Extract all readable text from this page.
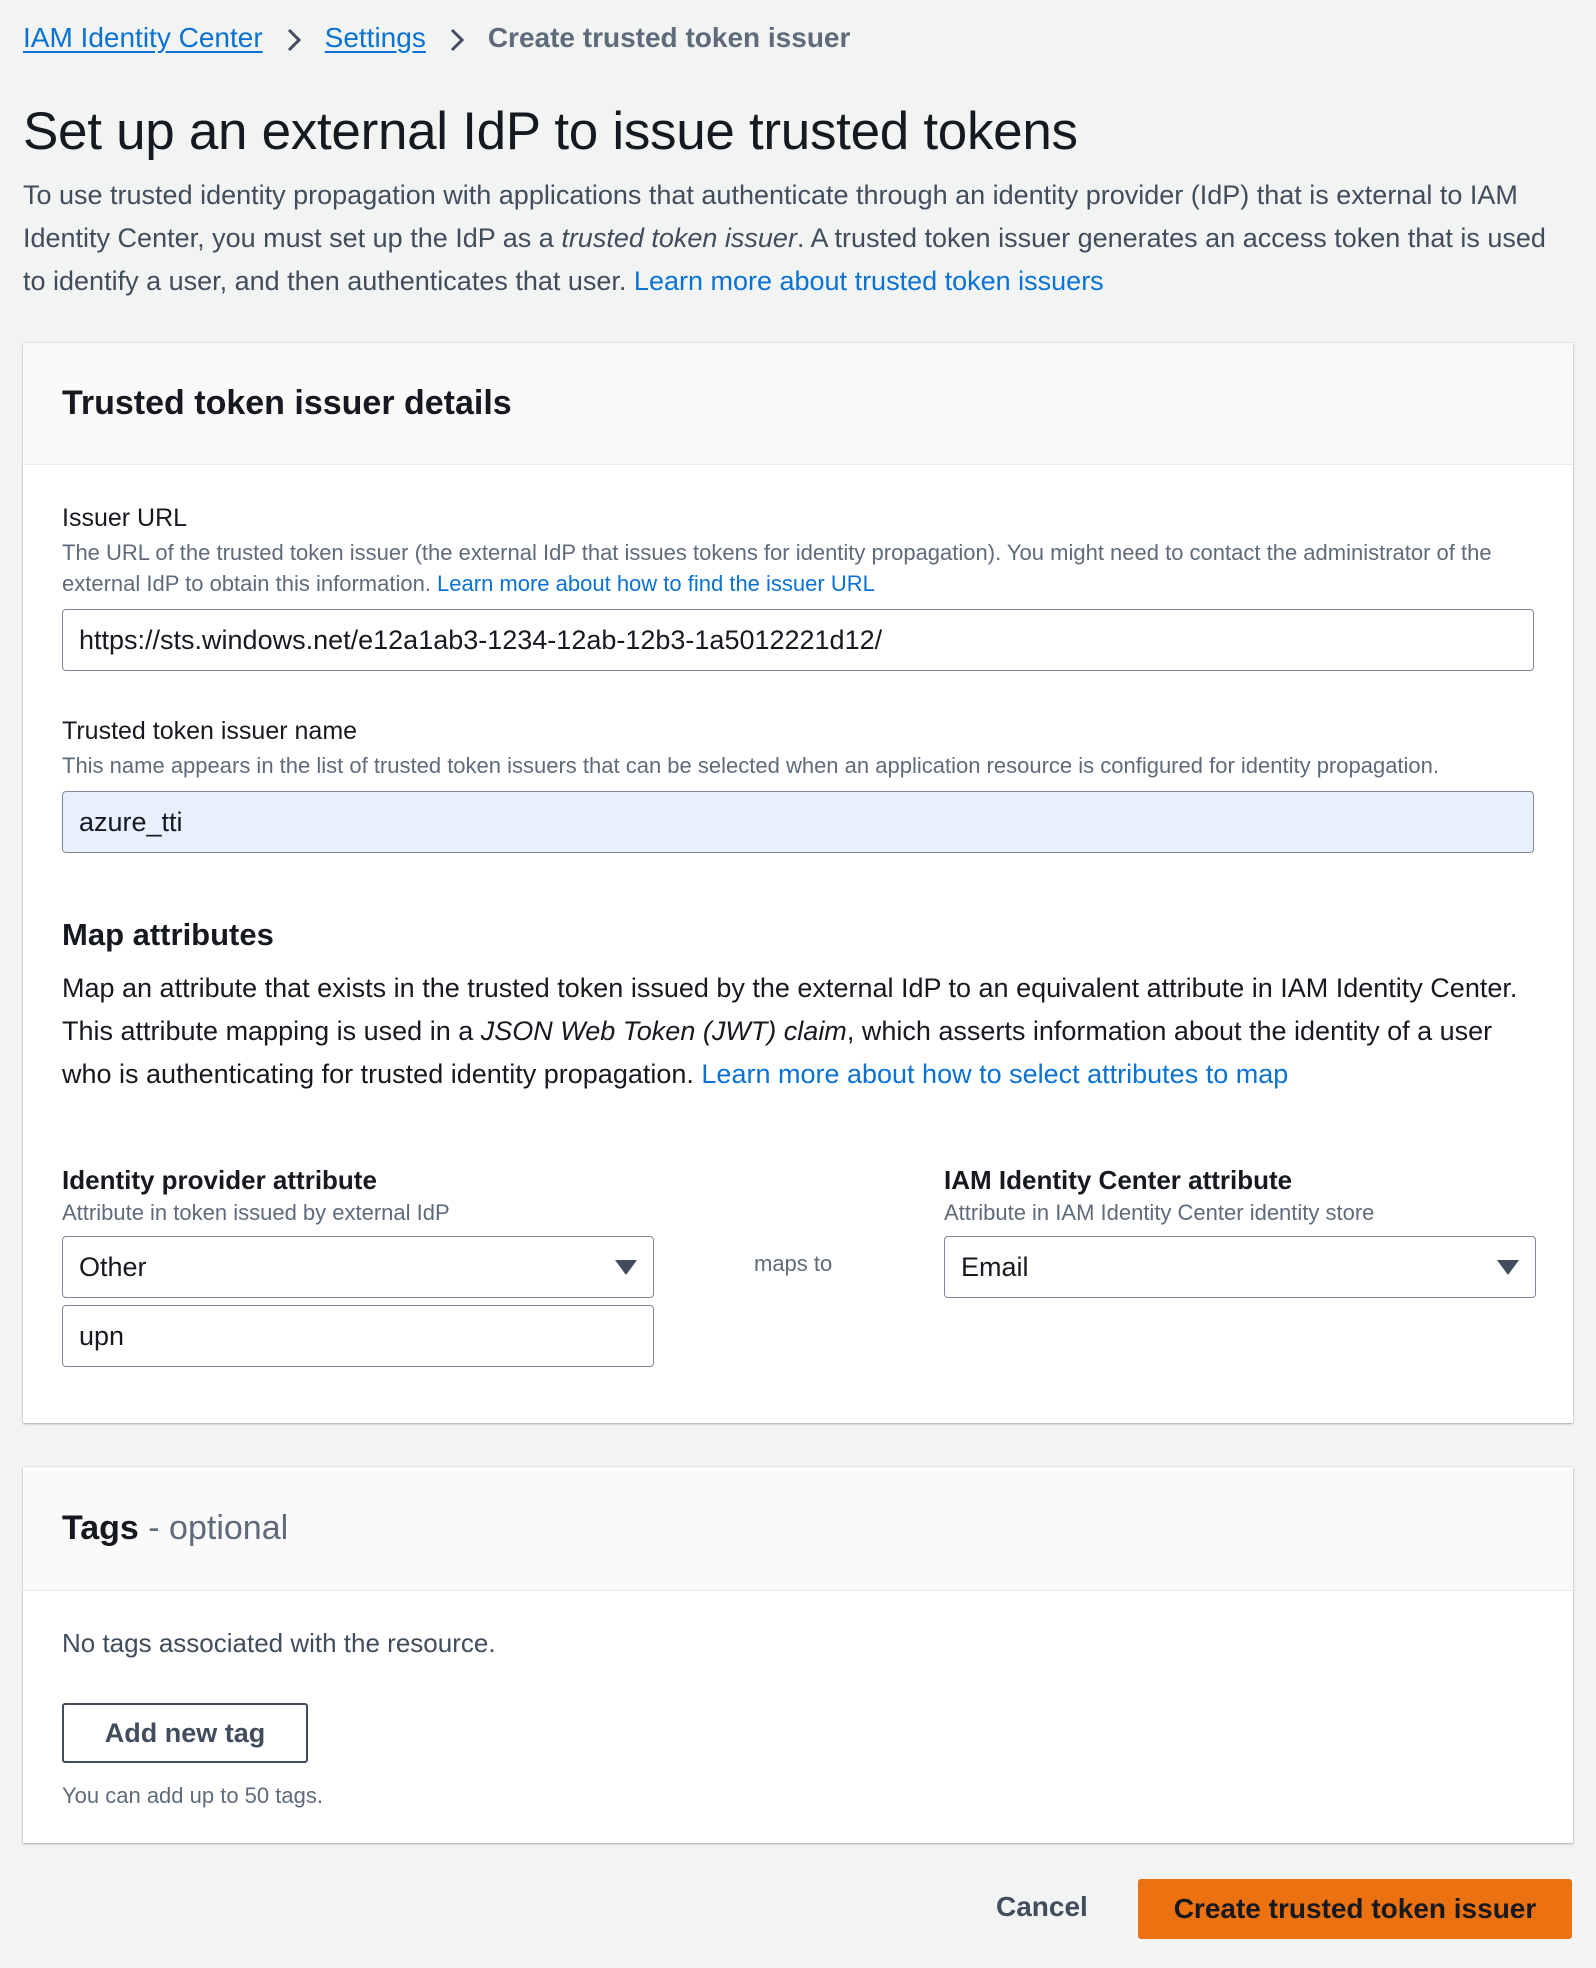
IAM Identity Center Settings Create trusted token issuer
Set up an external IdP to issue trusted tokens

To use trusted identity propagation with applications that authenticate through an identity provider (IdP) that is external to IAM Identity Center, you must set up the IdP as a trusted token issuer. A trusted token issuer generates an access token that is used to identify a user, and then authenticates that user. Learn more about trusted token issuers

Trusted token issuer details
Issuer URL
The URL of the trusted token issuer (the external IdP that issues tokens for identity propagation). You might need to contact the administrator of the external IdP to obtain this information. Learn more about how to find the issuer URL
https://sts.windows.net/e12a1ab3-1234-12ab-12b3-1a5012221d12/
Trusted token issuer name
This name appears in the list of trusted token issuers that can be selected when an application resource is configured for identity propagation.
azure_tti
Map attributes

Map an attribute that exists in the trusted token issued by the external IdP to an equivalent attribute in IAM Identity Center. This attribute mapping is used in a JSON Web Token (JWT) claim, which asserts information about the identity of a user who is authenticating for trusted identity propagation. Learn more about how to select attributes to map

Identity provider attribute
Attribute in token issued by external IdP
Other
upn
maps to
IAM Identity Center attribute
Attribute in IAM Identity Center identity store
Email
Tags - optional
No tags associated with the resource.
Add new tag
You can add up to 50 tags.
Cancel	Create trusted token issuer
